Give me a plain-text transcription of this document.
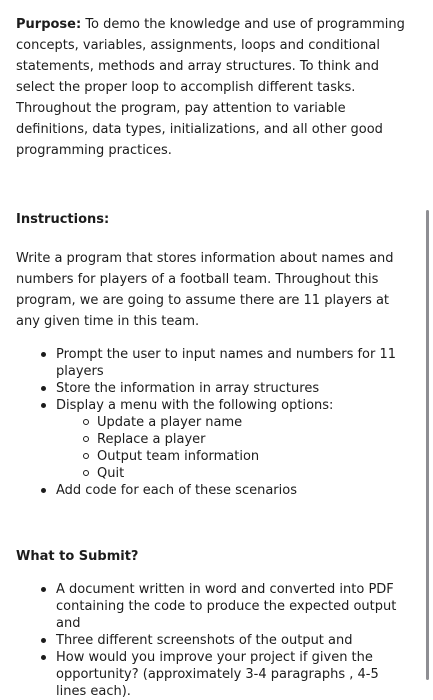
Purpose: To demo the knowledge and use of programming concepts, variables, assignments, loops and conditional statements, methods and array structures. To think and select the proper loop to accomplish different tasks. Throughout the program, pay attention to variable definitions, data types, initializations, and all other good programming practices.

Instructions:

Write a program that stores information about names and numbers for players of a football team. Throughout this program, we are going to assume there are 11 players at any given time in this team.

Prompt the user to input names and numbers for 11 players
Store the information in array structures
Display a menu with the following options:
Update a player name
Replace a player
Output team information
Quit
Add code for each of these scenarios
What to Submit?
A document written in word and converted into PDF containing the code to produce the expected output and
Three different screenshots of the output and
How would you improve your project if given the opportunity? (approximately 3-4 paragraphs , 4-5 lines each).
